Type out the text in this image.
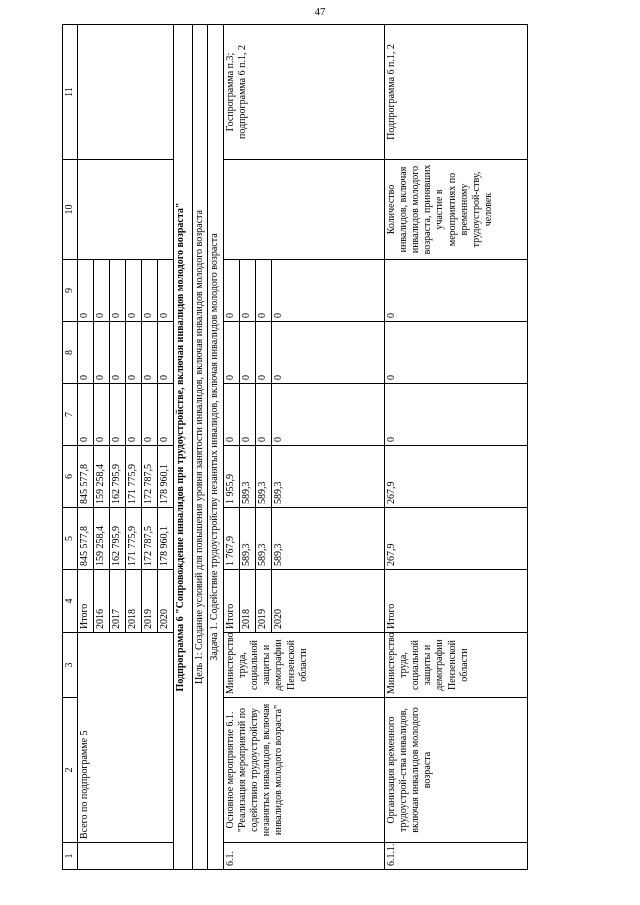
47
1	2	3	4	5	6	7	8	9	10	11
	Всего по подпрограмме 5		Итого	845 577,8	845 577,8	0	0	0		
			2016	159 258,4	159 258,4	0	0	0		
			2017	162 795,9	162 795,9	0	0	0		
			2018	171 775,9	171 775,9	0	0	0		
			2019	172 787,5	172 787,5	0	0	0		
			2020	178 960,1	178 960,1	0	0	0		
Подпрограмма 6 "Сопровождение инвалидов при трудоустройстве, включая инвалидов молодого возраста"										
Цель 1: Создание условий для повышения уровня занятости инвалидов, включая инвалидов молодого возраста										
Задача 1. Содействие трудоустройству незанятых инвалидов, включая инвалидов молодого возраста										
6.1.	Основное мероприятие 6.1. "Реализация мероприятий по содействию трудоустройству незанятых инвалидов, включая инвалидов молодого возраста"	Министерство труда, социальной защиты и демографии Пензенской области	Итого	1 767,9	1 955,9	0	0	0		Госпрограмма п.3; подпрограмма 6 п.1, 2
			2018	589,3	589,3	0	0	0		
			2019	589,3	589,3	0	0	0		
			2020	589,3	589,3	0	0	0		
6.1.1.	Организация временного трудоустрой-ства инвалидов, включая инвалидов молодого возраста	Министерство труда, социальной защиты и демографии Пензенской области	Итого	267,9	267,9	0	0	0	Количество инвалидов, включая инвалидов молодого возраста, принявших участие в мероприятиях по временному трудоустрой-ству, человек	Подпрограмма 6 п.1, 2
